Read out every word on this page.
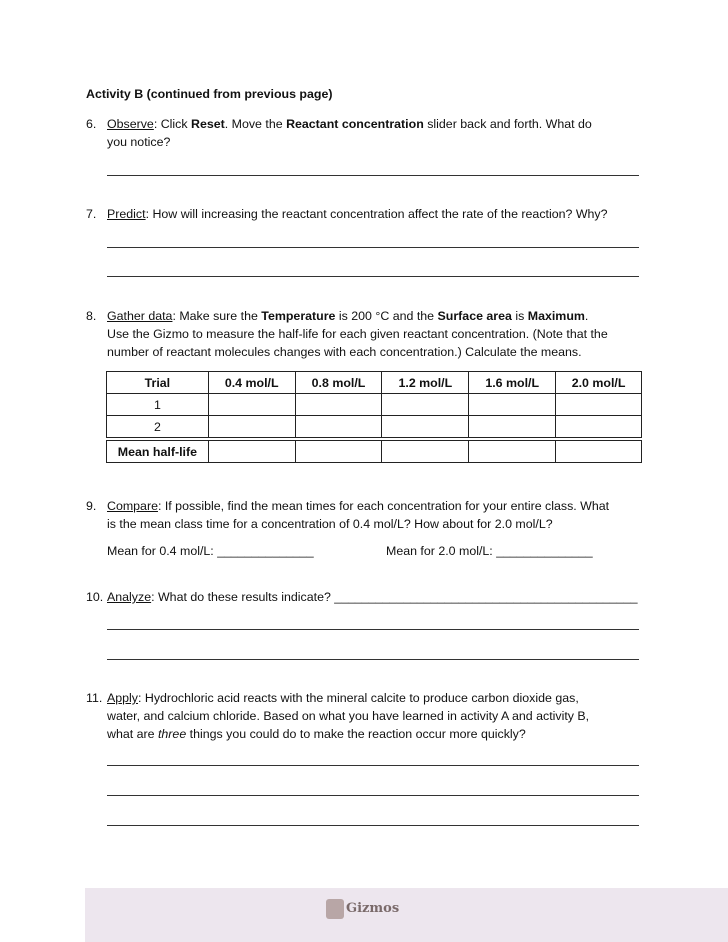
Activity B (continued from previous page)
6. Observe: Click Reset. Move the Reactant concentration slider back and forth. What do
you notice?
7. Predict: How will increasing the reactant concentration affect the rate of the reaction? Why?
8. Gather data: Make sure the Temperature is 200 °C and the Surface area is Maximum.
Use the Gizmo to measure the half-life for each given reactant concentration. (Note that the
number of reactant molecules changes with each concentration.) Calculate the means.
Trial	0.4 mol/L	0.8 mol/L	1.2 mol/L	1.6 mol/L	2.0 mol/L
1					
2					

Mean half-life					
9. Compare: If possible, find the mean times for each concentration for your entire class. What
is the mean class time for a concentration of 0.4 mol/L? How about for 2.0 mol/L?
Mean for 0.4 mol/L: ______________	Mean for 2.0 mol/L: ______________
10. Analyze: What do these results indicate? ____________________________________________
11. Apply: Hydrochloric acid reacts with the mineral calcite to produce carbon dioxide gas,
water, and calcium chloride. Based on what you have learned in activity A and activity B,
what are three things you could do to make the reaction occur more quickly?
Gizmos
